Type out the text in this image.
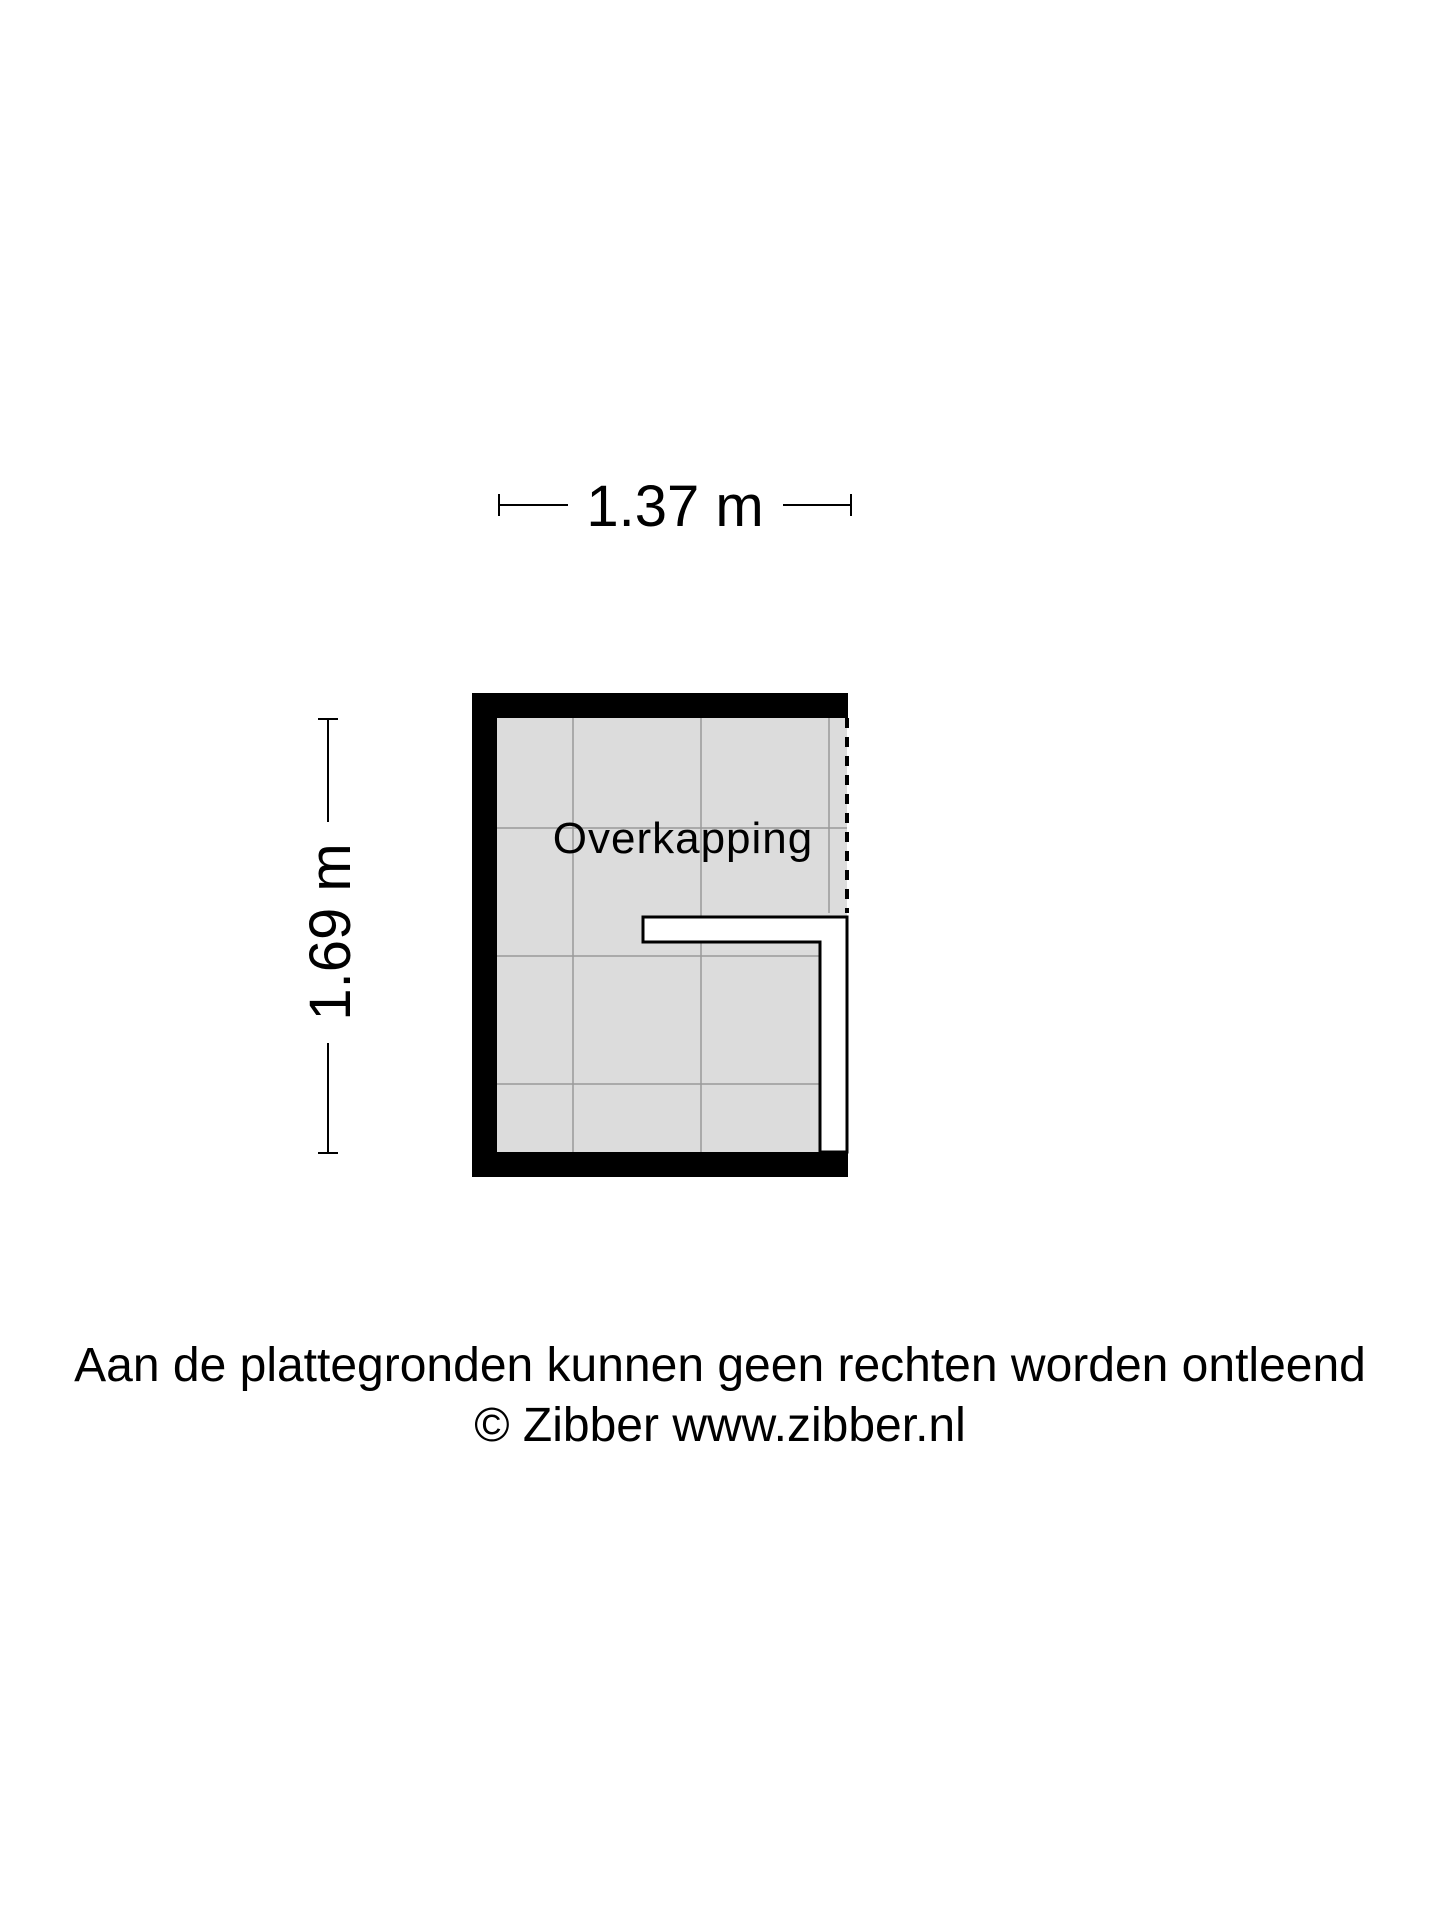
1.37 m
1.69 m
Overkapping
Aan de plattegronden kunnen geen rechten worden ontleend
© Zibber www.zibber.nl
